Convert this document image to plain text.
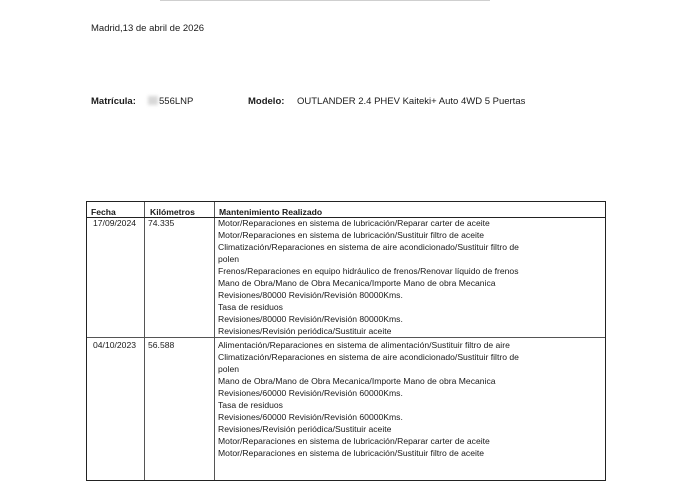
Madrid,13 de abril de 2026
Matrícula:	556LNP	Modelo: OUTLANDER 2.4 PHEV Kaiteki+ Auto 4WD 5 Puertas
Fecha	Kilómetros	Mantenimiento Realizado
17/09/2024 74.335	Motor/Reparaciones en sistema de lubricación/Reparar carter de aceite
Motor/Reparaciones en sistema de lubricación/Sustituir filtro de aceite
Climatización/Reparaciones en sistema de aire acondicionado/Sustituir filtro de
polen
Frenos/Reparaciones en equipo hidráulico de frenos/Renovar líquido de frenos
Mano de Obra/Mano de Obra Mecanica/Importe Mano de obra Mecanica
Revisiones/80000 Revisión/Revisión 80000Kms.
Tasa de residuos
Revisiones/80000 Revisión/Revisión 80000Kms.
Revisiones/Revisión periódica/Sustituir aceite
04/10/2023 56.588	Alimentación/Reparaciones en sistema de alimentación/Sustituir filtro de aire
Climatización/Reparaciones en sistema de aire acondicionado/Sustituir filtro de
polen
Mano de Obra/Mano de Obra Mecanica/Importe Mano de obra Mecanica
Revisiones/60000 Revisión/Revisión 60000Kms.
Tasa de residuos
Revisiones/60000 Revisión/Revisión 60000Kms.
Revisiones/Revisión periódica/Sustituir aceite
Motor/Reparaciones en sistema de lubricación/Reparar carter de aceite
Motor/Reparaciones en sistema de lubricación/Sustituir filtro de aceite
